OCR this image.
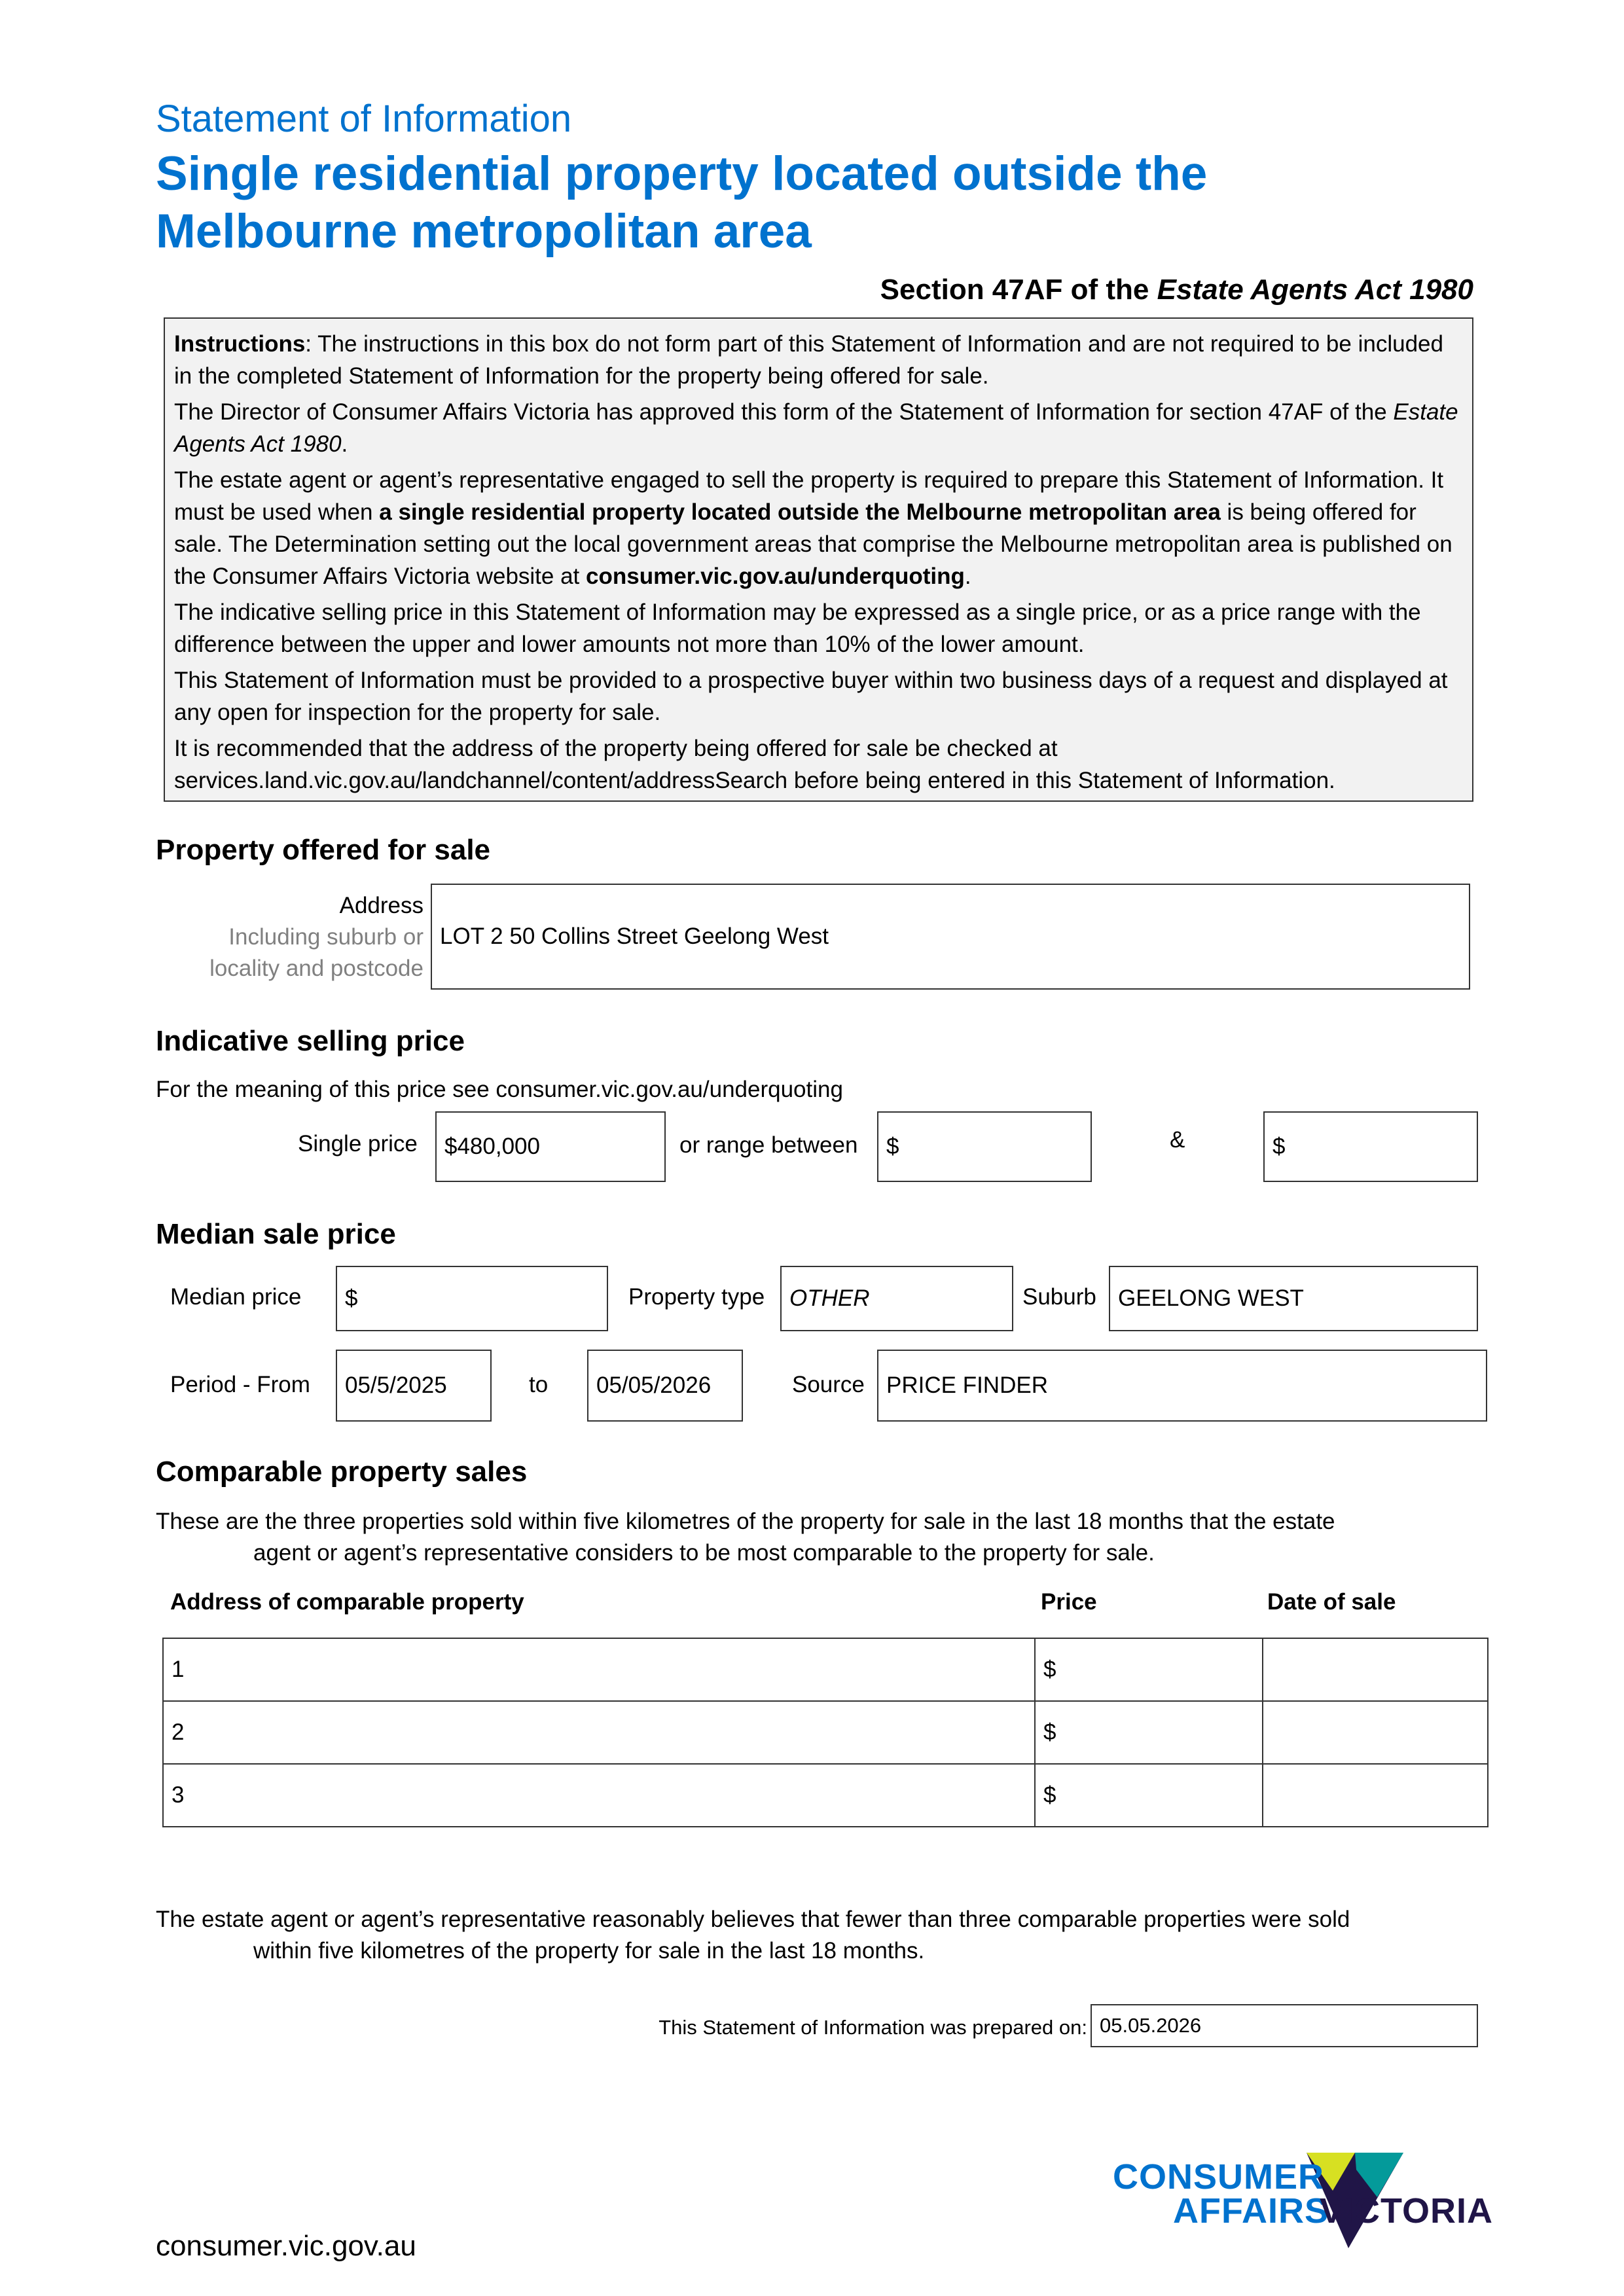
Statement of Information
Single residential property located outside the
Melbourne metropolitan area
Section 47AF of the Estate Agents Act 1980

Instructions: The instructions in this box do not form part of this Statement of Information and are not required to be included in the completed Statement of Information for the property being offered for sale.

The Director of Consumer Affairs Victoria has approved this form of the Statement of Information for section 47AF of the Estate Agents Act 1980.

The estate agent or agent’s representative engaged to sell the property is required to prepare this Statement of Information. It must be used when a single residential property located outside the Melbourne metropolitan area is being offered for sale. The Determination setting out the local government areas that comprise the Melbourne metropolitan area is published on the Consumer Affairs Victoria website at consumer.vic.gov.au/underquoting.

The indicative selling price in this Statement of Information may be expressed as a single price, or as a price range with the difference between the upper and lower amounts not more than 10% of the lower amount.

This Statement of Information must be provided to a prospective buyer within two business days of a request and displayed at any open for inspection for the property for sale.

It is recommended that the address of the property being offered for sale be checked at services.land.vic.gov.au/landchannel/content/addressSearch before being entered in this Statement of Information.

Property offered for sale
Address
Including suburb or
locality and postcode
LOT 2 50 Collins Street Geelong West
Indicative selling price
For the meaning of this price see consumer.vic.gov.au/underquoting
Single price	$480,000	or range between	$	&	$
Median sale price
Median price	$	Property type	OTHER	Suburb GEELONG WEST
Period - From	05/5/2025	to	05/05/2026	Source PRICE FINDER
Comparable property sales
These are the three properties sold within five kilometres of the property for sale in the last 18 months that the estate
agent or agent’s representative considers to be most comparable to the property for sale.
Address of comparable property	Price	Date of sale
1	$	
2	$	
3	$	
The estate agent or agent’s representative reasonably believes that fewer than three comparable properties were sold
within five kilometres of the property for sale in the last 18 months.
This Statement of Information was prepared on: 05.05.2026
consumer.vic.gov.au
CONSUMER
AFFAIRS
VICTORIA
